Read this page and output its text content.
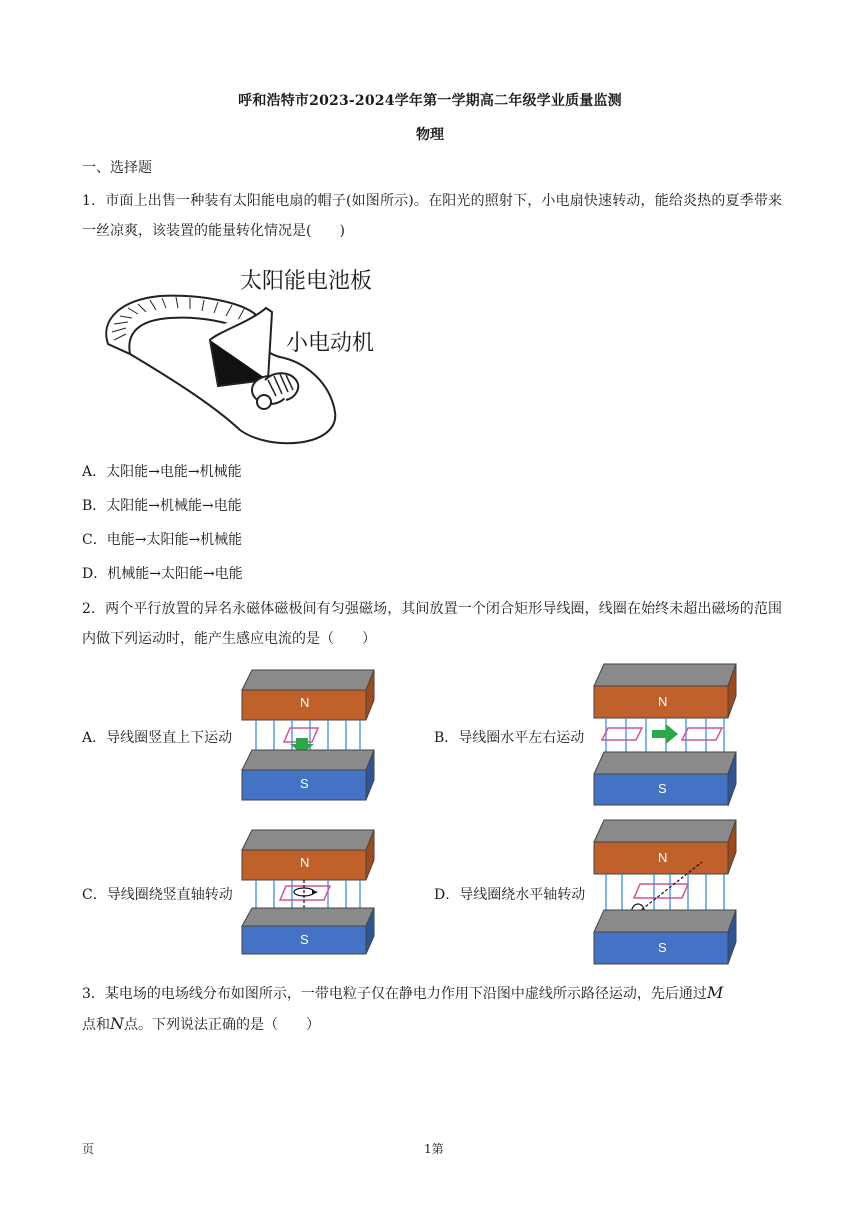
呼和浩特市2023-2024学年第一学期高二年级学业质量监测
物理
一、选择题
1．市面上出售一种装有太阳能电扇的帽子(如图所示)。在阳光的照射下，小电扇快速转动，能给炎热的夏季带来一丝凉爽，该装置的能量转化情况是(　　)
太阳能电池板
小电动机
A．太阳能→电能→机械能
B．太阳能→机械能→电能
C．电能→太阳能→机械能
D．机械能→太阳能→电能
2．两个平行放置的异名永磁体磁极间有匀强磁场，其间放置一个闭合矩形导线圈，线圈在始终未超出磁场的范围内做下列运动时，能产生感应电流的是（　　）
A．导线圈竖直上下运动
N
S
B．导线圈水平左右运动
N
S
C．导线圈绕竖直轴转动
N
S
D．导线圈绕水平轴转动
N
S
3．某电场的电场线分布如图所示，一带电粒子仅在静电力作用下沿图中虚线所示路径运动，先后通过M
点和N点。下列说法正确的是（　　）
页	1第
